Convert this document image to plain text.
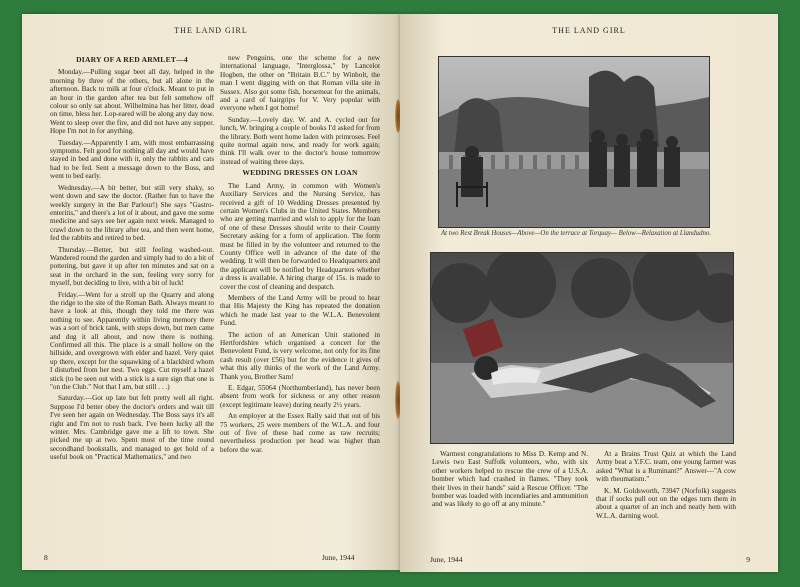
THE LAND GIRL
DIARY OF A RED ARMLET—4

Monday.—Pulling sugar beet all day, helped in the morning by three of the others, but all alone in the afternoon. Back to milk at four o'clock. Meant to put in an hour in the garden after tea but felt somehow off colour so only sat about. Wilhelmina has her litter, dead on time, bless her. Lop-eared will be along any day now. Went to sleep over the fire, and did not have any supper. Hope I'm not in for anything.

Tuesday.—Apparently I am, with most embarrassing symptoms. Felt good for nothing all day and would have stayed in bed and done with it, only the rabbits and cats had to be fed. Sent a message down to the Boss, and went to bed early.

Wednesday.—A bit better, but still very shaky, so went down and saw the doctor. (Rather fun to have the weekly surgery in the Bar Parlour!) She says "Gastro-enteritis," and there's a lot of it about, and gave me some medicine and says see her again next week. Managed to crawl down to the library after tea, and then went home, fed the rabbits and retired to bed.

Thursday.—Better, but still feeling washed-out. Wandered round the garden and simply had to do a bit of pottering, but gave it up after ten minutes and sat on a seat in the orchard in the sun, feeling very sorry for myself, but deciding to live, with a bit of luck!

Friday.—Went for a stroll up the Quarry and along the ridge to the site of the Roman Bath. Always meant to have a look at this, though they told me there was nothing to see. Apparently within living memory there was a sort of brick tank, with steps down, but men came and dug it all about, and now there is nothing. Confirmed all this. The place is a small hollow on the hillside, and overgrown with elder and hazel. Very quiet up there, except for the squawking of a blackbird whom I disturbed from her nest. Two eggs. Cut myself a hazel stick (to be seen out with a stick is a sure sign that one is "on the Club." Not that I am, but still . . .)

Saturday.—Got up late but felt pretty well all right. Suppose I'd better obey the doctor's orders and wait till I've seen her again on Wednesday. The Boss says it's all right and I'm not to rush back. I've been lucky all the winter. Mrs. Cambridge gave me a lift to town. She picked me up at two. Spent most of the time round secondhand bookstalls, and managed to get hold of a useful book on "Practical Mathematics," and two

new Penguins, one the scheme for a new international language, "Interglossa," by Lancelot Hogben, the other on "Britain B.C." by Winbolt, the man I went digging with on that Roman villa site in Sussex. Also got some fish, horsemeat for the animals, and a card of hairgrips for V. Very popular with everyone when I got home!

Sunday.—Lovely day. W. and A. cycled out for lunch, W. bringing a couple of books I'd asked for from the library. Both went home laden with primroses. Feel quite normal again now, and ready for work again; think I'll walk over to the doctor's house tomorrow instead of waiting three days.

WEDDING DRESSES ON LOAN

The Land Army, in common with Women's Auxiliary Services and the Nursing Service, has received a gift of 10 Wedding Dresses presented by certain Women's Clubs in the United States. Members who are getting married and wish to apply for the loan of one of these Dresses should write to their County Secretary asking for a form of application. The form must be filled in by the volunteer and returned to the County Office well in advance of the date of the wedding. It will then be forwarded to Headquarters and the applicant will be notified by Headquarters whether a dress is available. A hiring charge of 15s. is made to cover the cost of cleaning and despatch.

Members of the Land Army will be proud to hear that His Majesty the King has repeated the donation which he made last year to the W.L.A. Benevolent Fund.

The action of an American Unit stationed in Hertfordshire which organised a concert for the Benevolent Fund, is very welcome, not only for its fine cash result (over £56) but for the evidence it gives of what this ally thinks of the work of the Land Army. Thank you, Brother Sam!

E. Edgar, 55064 (Northumberland), has never been absent from work for sickness or any other reason (except legitimate leave) during nearly 2½ years.

An employer at the Essex Rally said that out of his 75 workers, 25 were members of the W.L.A. and four out of five of these had come as raw recruits; nevertheless production per head was higher than before the war.

8	June, 1944
THE LAND GIRL
At two Rest Break Houses—Above—On the terrace at Torquay— Below—Relaxation at Llandudno.

Warmest congratulations to Miss D. Kemp and N. Lewis two East Suffolk volunteers, who, with six other workers helped to rescue the crew of a U.S.A. bomber which had crashed in flames. "They took their lives in their hands" said a Rescue Officer. "The bomber was loaded with incendiaries and ammunition and was likely to go off at any minute."

At a Brains Trust Quiz at which the Land Army beat a Y.F.C. team, one young farmer was asked "What is a Ruminant?" Answer—"A cow with rheumatism."

K. M. Goldsworth, 73947 (Norfolk) suggests that if socks pull out on the edges turn them in about a quarter of an inch and neatly hem with W.L.A. darning wool.

June, 1944	9
